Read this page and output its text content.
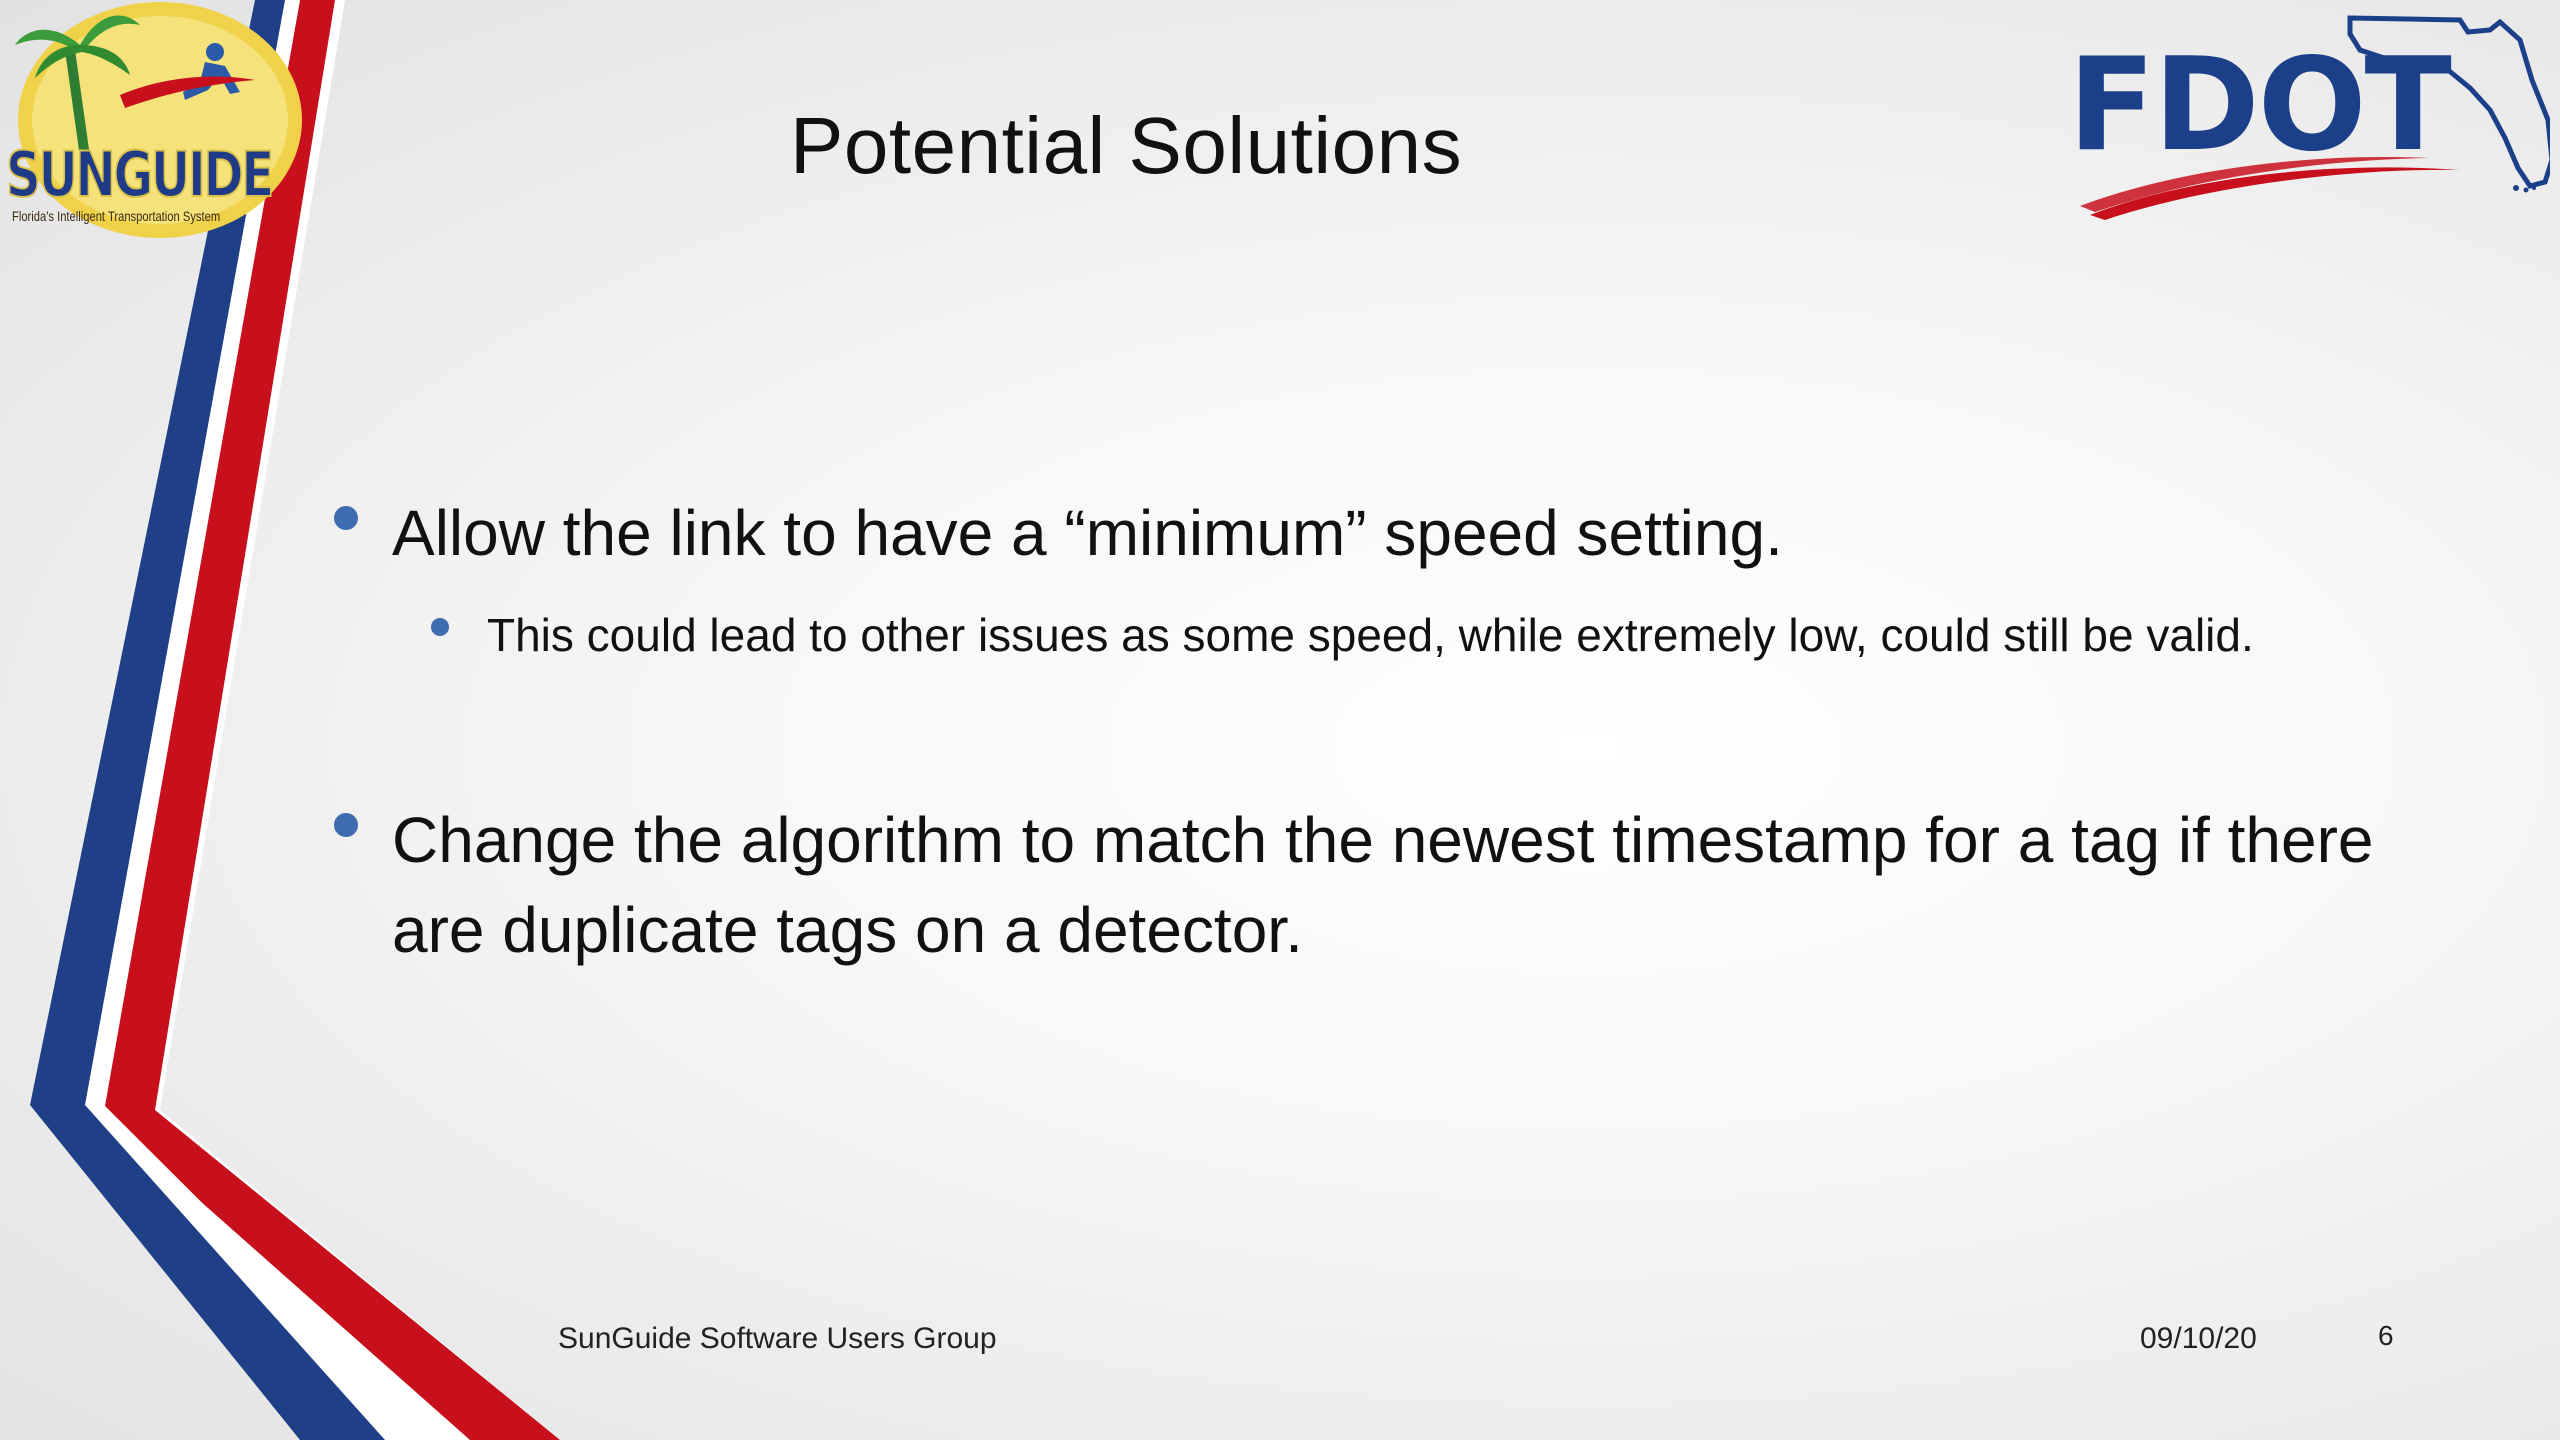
SUNGUIDE
Florida's Intelligent Transportation System
FDOT
Potential Solutions
Allow the link to have a “minimum” speed setting.
This could lead to other issues as some speed, while extremely low, could still be valid.
Change the algorithm to match the newest timestamp for a tag if there are duplicate tags on a detector.
SunGuide Software Users Group	09/10/20	6
